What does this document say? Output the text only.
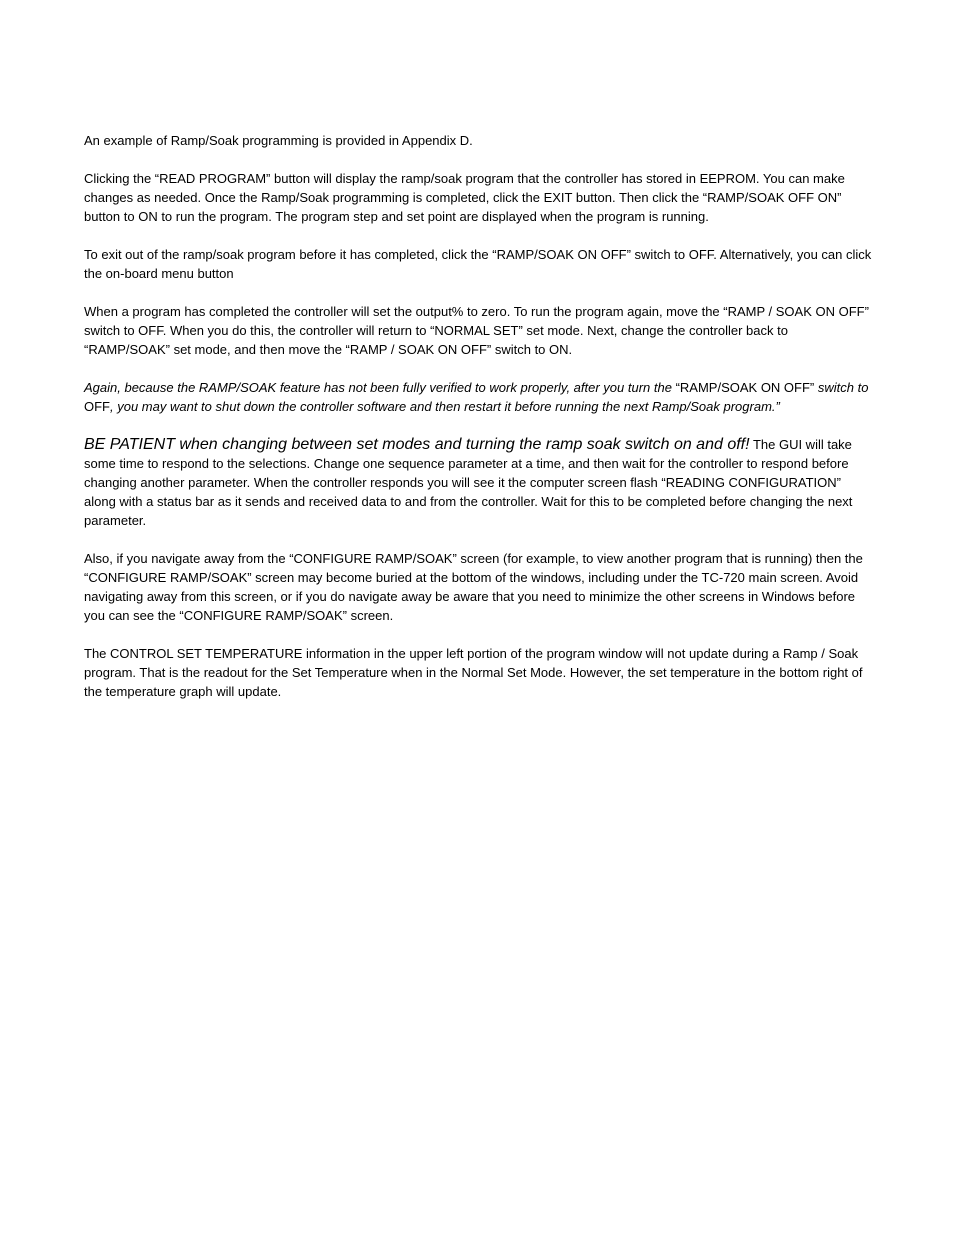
An example of Ramp/Soak programming is provided in Appendix D.

Clicking the “READ PROGRAM” button will display the ramp/soak program that the controller has stored in EEPROM. You can make changes as needed. Once the Ramp/Soak programming is completed, click the EXIT button. Then click the “RAMP/SOAK OFF ON” button to ON to run the program. The program step and set point are displayed when the program is running.

To exit out of the ramp/soak program before it has completed, click the “RAMP/SOAK ON OFF” switch to OFF. Alternatively, you can click the on-board menu button

When a program has completed the controller will set the output% to zero. To run the program again, move the “RAMP / SOAK ON OFF” switch to OFF. When you do this, the controller will return to “NORMAL SET” set mode. Next, change the controller back to “RAMP/SOAK” set mode, and then move the “RAMP / SOAK ON OFF” switch to ON.

Again, because the RAMP/SOAK feature has not been fully verified to work properly, after you turn the “RAMP/SOAK ON OFF” switch to OFF, you may want to shut down the controller software and then restart it before running the next Ramp/Soak program.”

BE PATIENT when changing between set modes and turning the ramp soak switch on and off! The GUI will take some time to respond to the selections. Change one sequence parameter at a time, and then wait for the controller to respond before changing another parameter. When the controller responds you will see it the computer screen flash “READING CONFIGURATION” along with a status bar as it sends and received data to and from the controller. Wait for this to be completed before changing the next parameter.

Also, if you navigate away from the “CONFIGURE RAMP/SOAK” screen (for example, to view another program that is running) then the “CONFIGURE RAMP/SOAK” screen may become buried at the bottom of the windows, including under the TC-720 main screen. Avoid navigating away from this screen, or if you do navigate away be aware that you need to minimize the other screens in Windows before you can see the “CONFIGURE RAMP/SOAK” screen.

The CONTROL SET TEMPERATURE information in the upper left portion of the program window will not update during a Ramp / Soak program. That is the readout for the Set Temperature when in the Normal Set Mode. However, the set temperature in the bottom right of the temperature graph will update.
